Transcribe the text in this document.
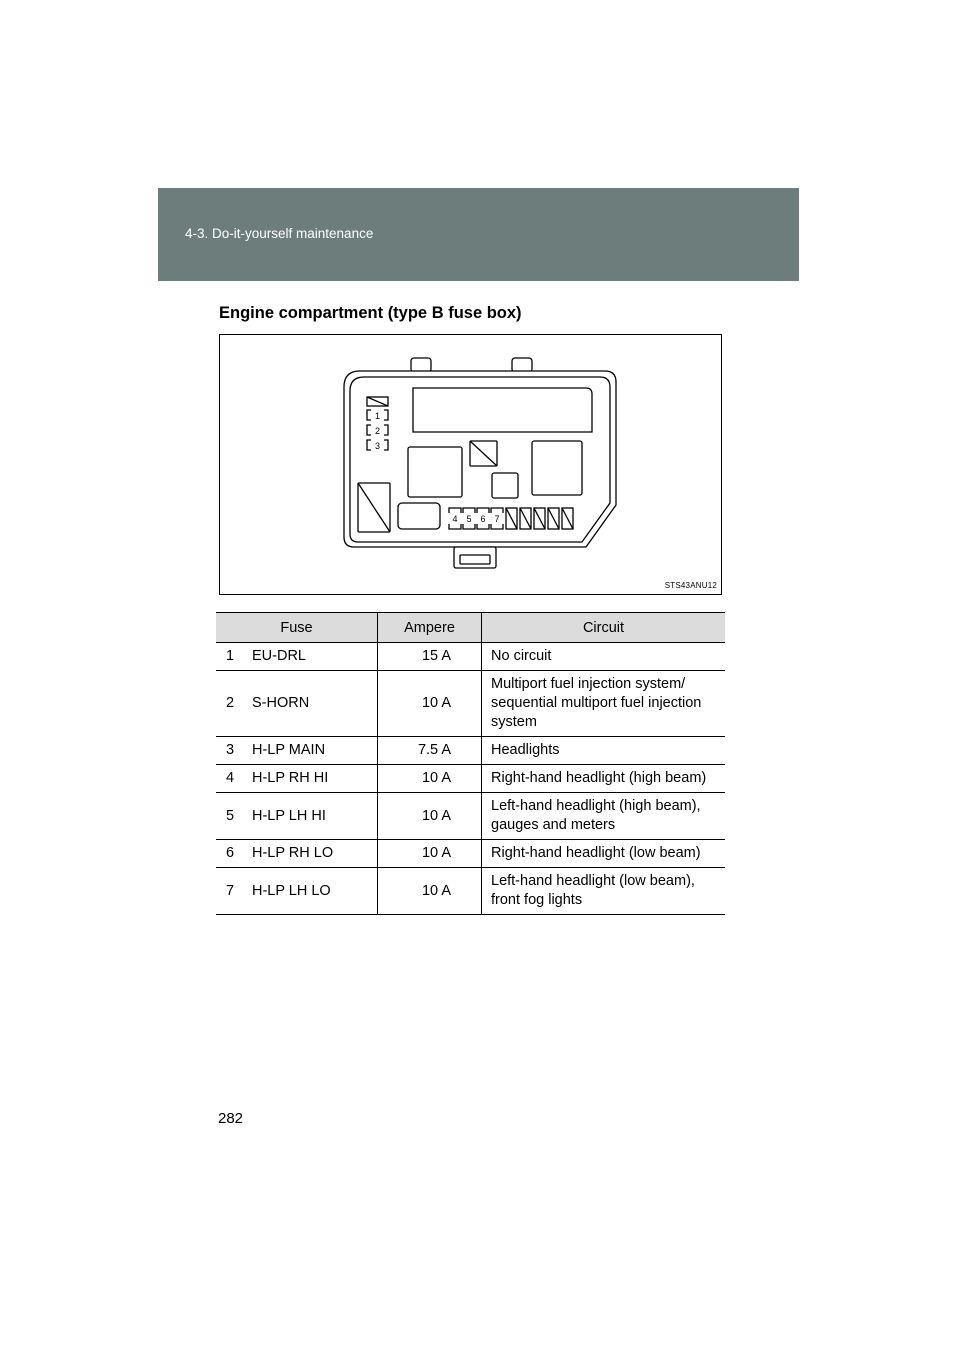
4-3. Do-it-yourself maintenance
Engine compartment (type B fuse box)
1
2
3
4 5 6 7
STS43ANU12
Fuse		Ampere	Circuit
1	EU-DRL	15 A	No circuit
2	S-HORN	10 A	Multiport fuel injection system/ sequential multiport fuel injection system
3	H-LP MAIN	7.5 A	Headlights
4	H-LP RH HI	10 A	Right-hand headlight (high beam)
5	H-LP LH HI	10 A	Left-hand headlight (high beam), gauges and meters
6	H-LP RH LO	10 A	Right-hand headlight (low beam)
7	H-LP LH LO	10 A	Left-hand headlight (low beam), front fog lights
282
